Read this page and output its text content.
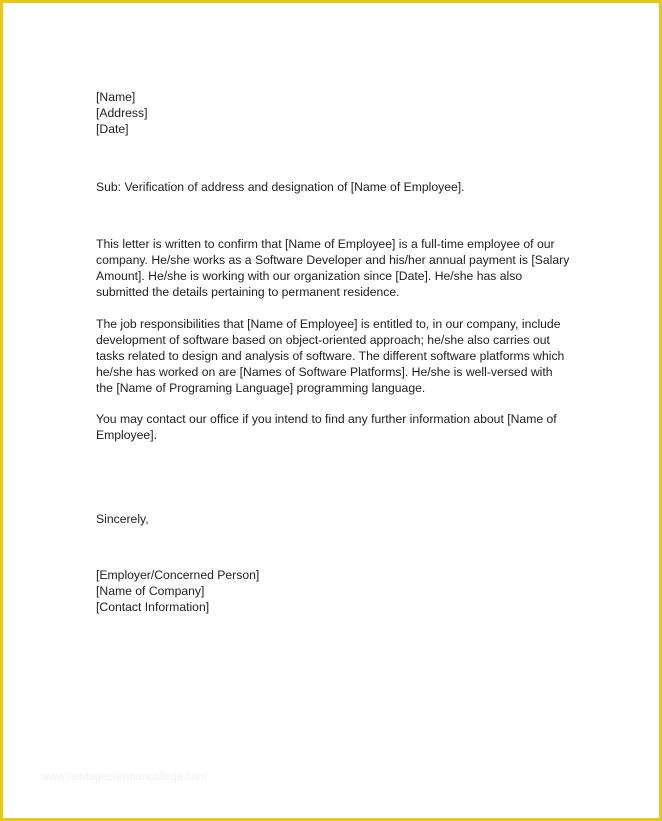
[Name]
[Address]
[Date]
Sub: Verification of address and designation of [Name of Employee].
This letter is written to confirm that [Name of Employee] is a full-time employee of our
company. He/she works as a Software Developer and his/her annual payment is [Salary
Amount]. He/she is working with our organization since [Date]. He/she has also
submitted the details pertaining to permanent residence.
The job responsibilities that [Name of Employee] is entitled to, in our company, include
development of software based on object-oriented approach; he/she also carries out
tasks related to design and analysis of software. The different software platforms which
he/she has worked on are [Names of Software Platforms]. He/she is well-versed with
the [Name of Programing Language] programming language.
You may contact our office if you intend to find any further information about [Name of
Employee].
Sincerely,
[Employer/Concerned Person]
[Name of Company]
[Contact Information]
www.heritagechristiancollege.com
